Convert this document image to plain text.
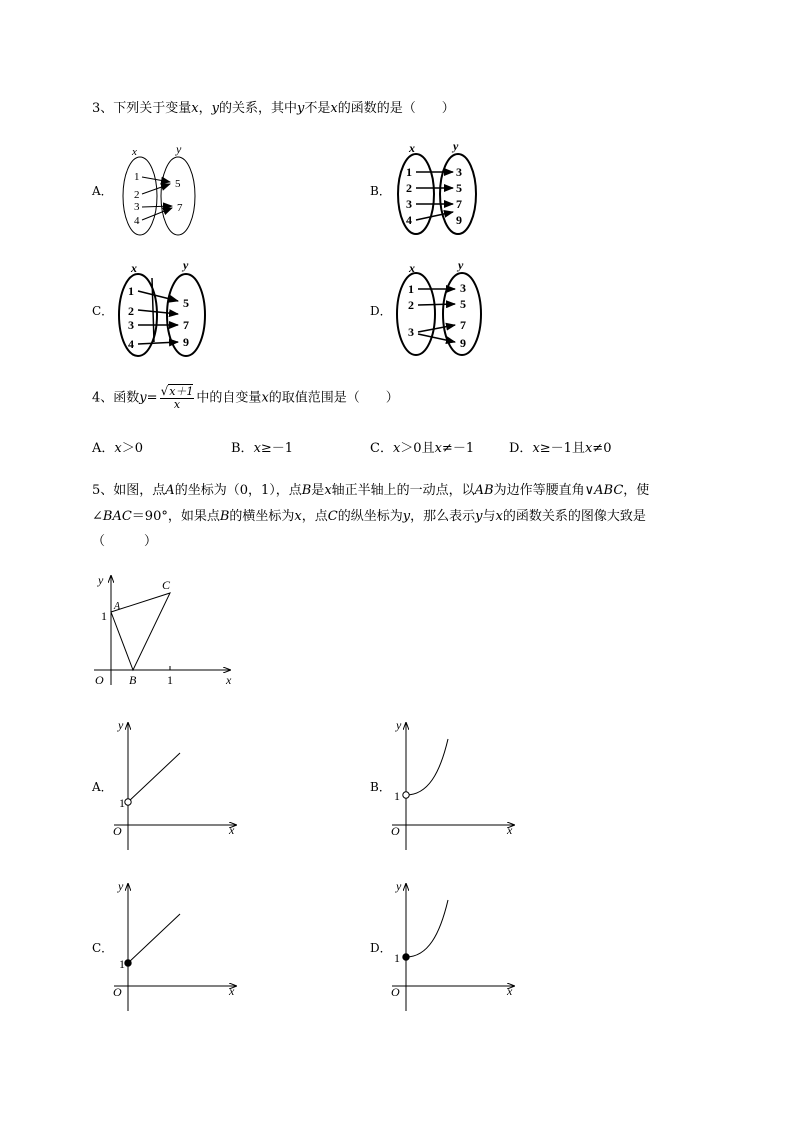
3、下列关于变量x，y的关系，其中y不是x的函数的是（　　）
A．
x	y
1
2
3
4
5
7
B．
x	y
1
2
3
4
3
5
7
9
C．
x	y
1
2
3
4
5
7
9
D．
x	y
1
2
3
3
5
7
9
4、函数$y= \frac{√x+1}{x}$ 中的自变量x的取值范围是（　　）
A．x＞0	B．x≥－1	C．x＞0且x≠－1	D．x≥－1且x≠0
5、如图，点A的坐标为（0，1），点B是x轴正半轴上的一动点，以AB为边作等腰直角∨ABC，使
∠BAC＝90°，如果点B的横坐标为x，点C的纵坐标为y，那么表示y与x的函数关系的图像大致是
（　　　）
y
x
O
A
B
C
1
1
A．
y
x
O
1
B．
y
x
O
1
C．
y
x
O
1
D．
y
x
O
1
